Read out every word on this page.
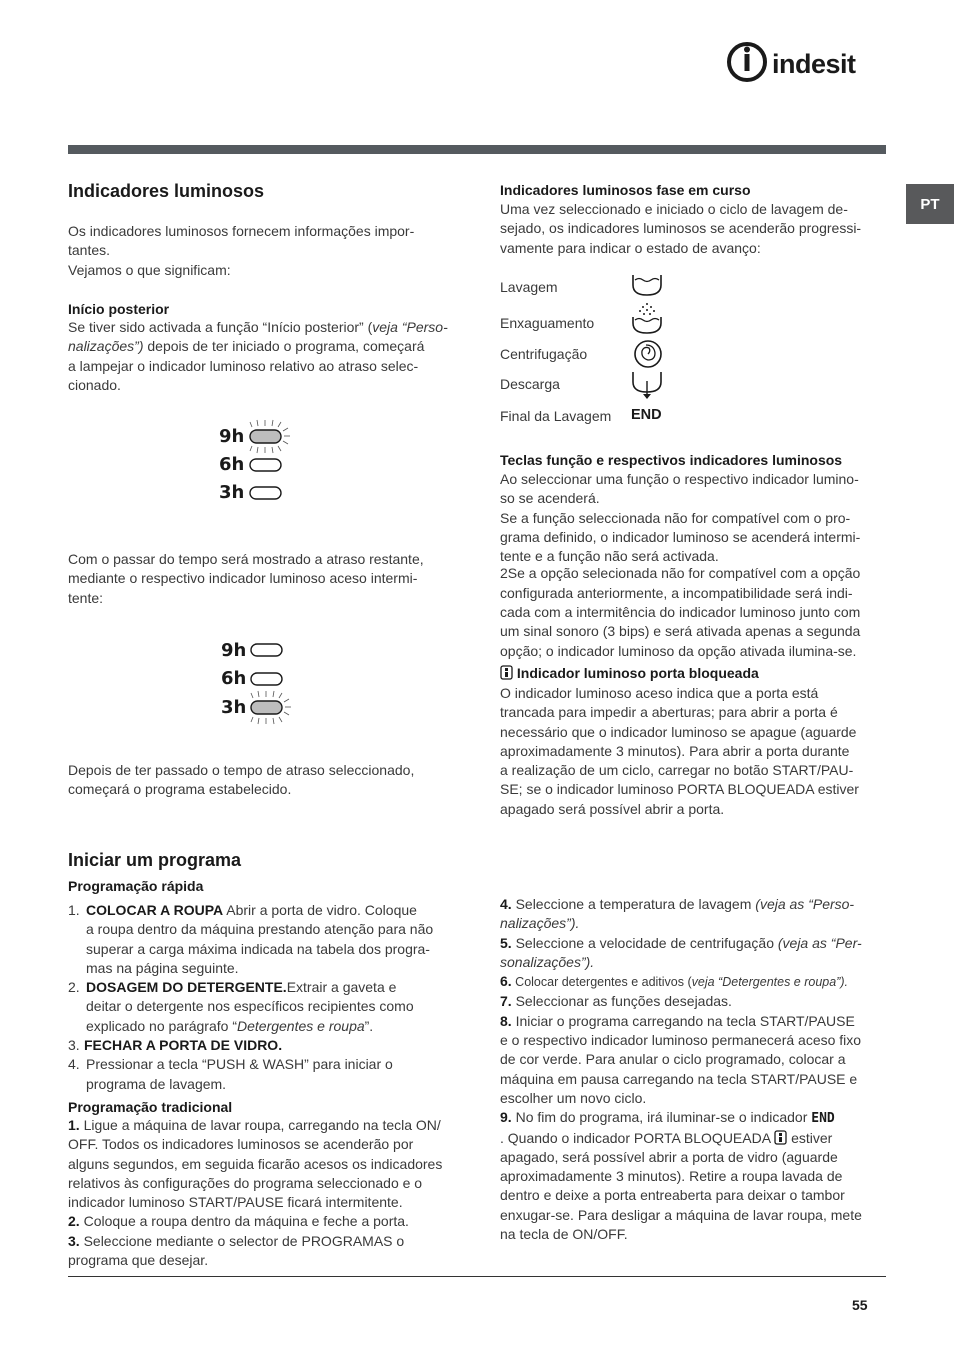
indesit
PT
Indicadores luminosos

Os indicadores luminosos fornecem informações impor-

tantes.

Vejamos o que significam:

Início posterior

Se tiver sido activada a função “Início posterior” (veja “Perso-

nalizações”) depois de ter iniciado o programa, começará

a lampejar o indicador luminoso relativo ao atraso selec-

cionado.

9h
6h
3h

Com o passar do tempo será mostrado a atraso restante,

mediante o respectivo indicador luminoso aceso intermi-

tente:

9h
6h
3h

Depois de ter passado o tempo de atraso seleccionado,

começará o programa estabelecido.

Indicadores luminosos fase em curso

Uma vez seleccionado e iniciado o ciclo de lavagem de-

sejado, os indicadores luminosos se acenderão progressi-

vamente para indicar o estado de avanço:

Lavagem
Enxaguamento
Centrifugação
Descarga
Final da Lavagem END
Teclas função e respectivos indicadores luminosos

Ao seleccionar uma função o respectivo indicador lumino-

so se acenderá.

Se a função seleccionada não for compatível com o pro-

grama definido, o indicador luminoso se acenderá intermi-

tente e a função não será activada.

2Se a opção selecionada não for compatível com a opção

configurada anteriormente, a incompatibilidade será indi-

cada com a intermitência do indicador luminoso junto com

um sinal sonoro (3 bips) e será ativada apenas a segunda

opção; o indicador luminoso da opção ativada ilumina-se.

Indicador luminoso porta bloqueada

O indicador luminoso aceso indica que a porta está

trancada para impedir a aberturas; para abrir a porta é

necessário que o indicador luminoso se apague (aguarde

aproximadamente 3 minutos). Para abrir a porta durante

a realização de um ciclo, carregar no botão START/PAU-

SE; se o indicador luminoso PORTA BLOQUEADA estiver

apagado será possível abrir a porta.

Iniciar um programa
Programação rápida
1. COLOCAR A ROUPA Abrir a porta de vidro. Coloque
a roupa dentro da máquina prestando atenção para não
superar a carga máxima indicada na tabela dos progra-
mas na página seguinte.
2. DOSAGEM DO DETERGENTE.Extrair a gaveta e
deitar o detergente nos específicos recipientes como
explicado no parágrafo “Detergentes e roupa”.
3. FECHAR A PORTA DE VIDRO.
4. Pressionar a tecla “PUSH & WASH” para iniciar o
programa de lavagem.
Programação tradicional

1. Ligue a máquina de lavar roupa, carregando na tecla ON/

OFF. Todos os indicadores luminosos se acenderão por

alguns segundos, em seguida ficarão acesos os indicadores

relativos às configurações do programa seleccionado e o

indicador luminoso START/PAUSE ficará intermitente.

2. Coloque a roupa dentro da máquina e feche a porta.

3. Seleccione mediante o selector de PROGRAMAS o

programa que desejar.

4. Seleccione a temperatura de lavagem (veja as “Perso-

nalizações”).

5. Seleccione a velocidade de centrifugação (veja as “Per-

sonalizações”).

6. Colocar detergentes e aditivos (veja “Detergentes e roupa”).

7. Seleccionar as funções desejadas.

8. Iniciar o programa carregando na tecla START/PAUSE

e o respectivo indicador luminoso permanecerá aceso fixo

de cor verde. Para anular o ciclo programado, colocar a

máquina em pausa carregando na tecla START/PAUSE e

escolher um novo ciclo.

9. No fim do programa, irá iluminar-se o indicador END

. Quando o indicador PORTA BLOQUEADA  estiver

apagado, será possível abrir a porta de vidro (aguarde

aproximadamente 3 minutos). Retire a roupa lavada de

dentro e deixe a porta entreaberta para deixar o tambor

enxugar-se. Para desligar a máquina de lavar roupa, mete

na tecla de ON/OFF.

55
